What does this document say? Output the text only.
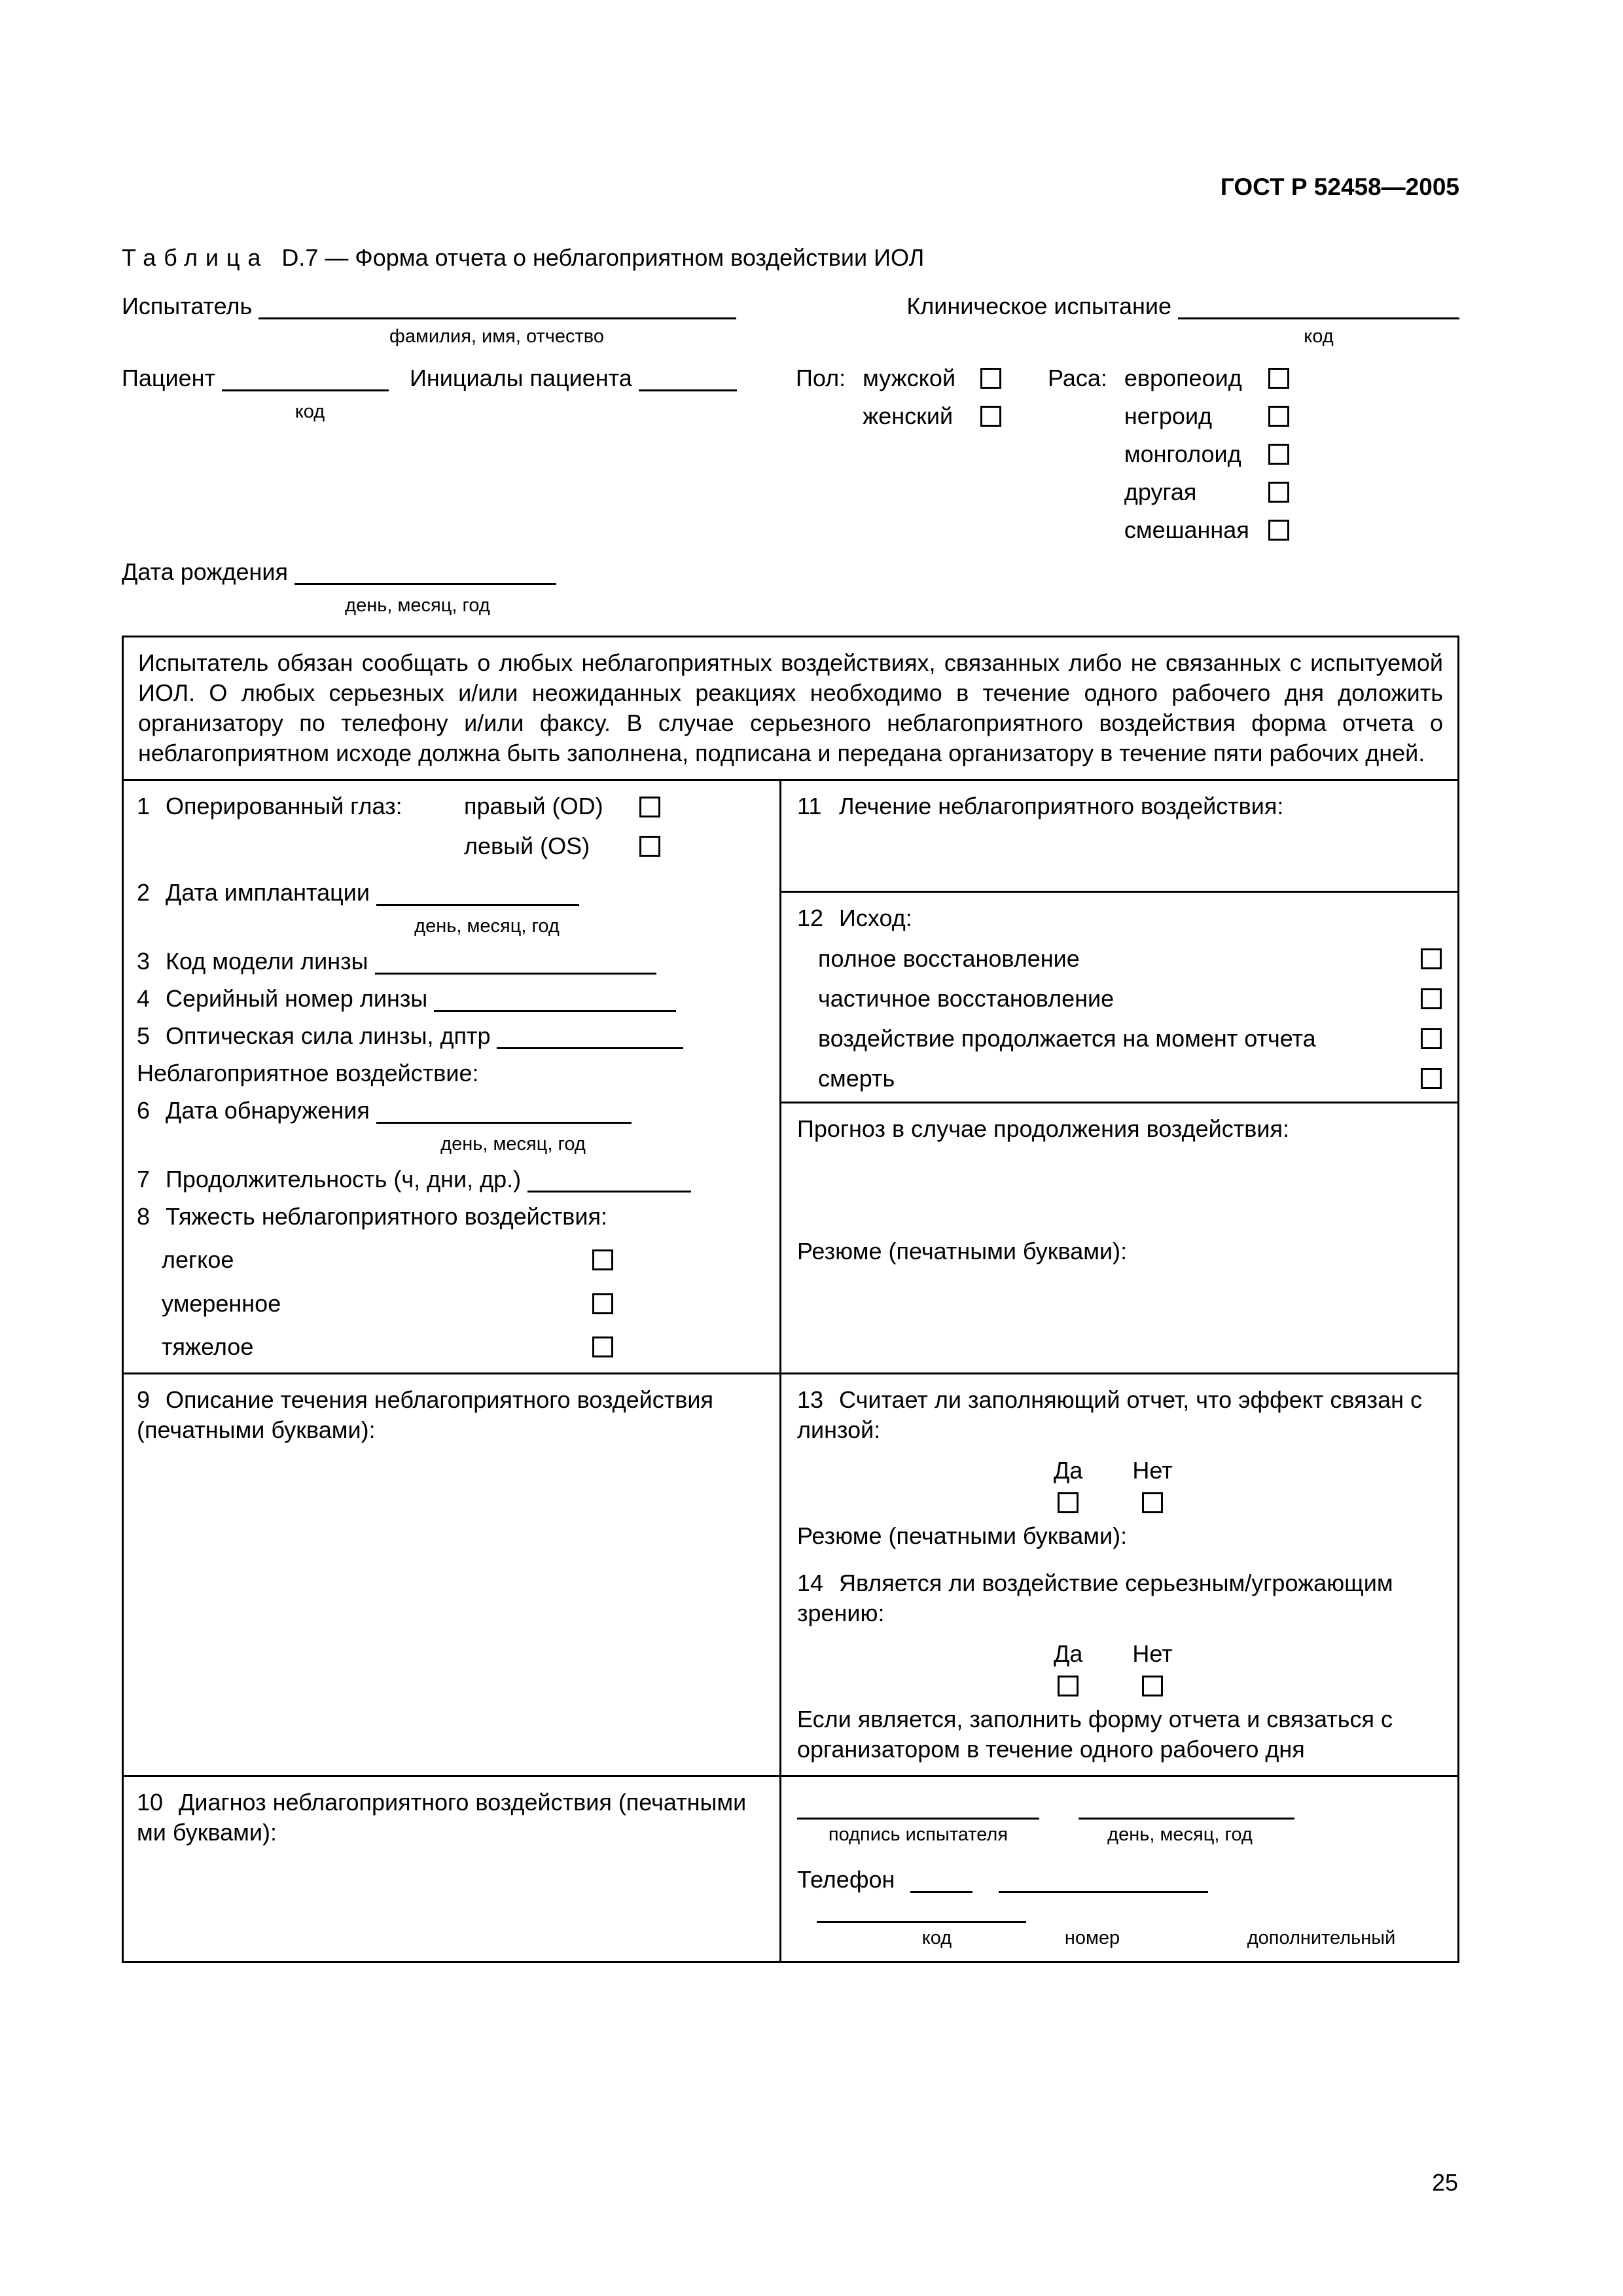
ГОСТ Р 52458—2005
Таблица D.7 — Форма отчета о неблагоприятном воздействии ИОЛ
Испытатель	Клиническое испытание
фамилия, имя, отчество	код
Пациент	Инициалы пациента
код
Пол: мужской
женский
Раса: европеоид
негроид
монголоид
другая
смешанная
Дата рождения
день, месяц, год
Испытатель обязан сообщать о любых неблагоприятных воздействиях, связанных либо не связанных с испытуемой ИОЛ. О любых серьезных и/или неожиданных реакциях необходимо в течение одного рабочего дня доложить организатору по телефону и/или факсу. В случае серьезного неблагоприятного воздействия форма отчета о неблагоприятном исходе должна быть заполнена, подписана и передана организатору в течение пяти рабочих дней.
1 Оперированный глаз:	правый (OD)
левый (OS)
2 Дата имплантации
день, месяц, год
3 Код модели линзы
4 Серийный номер линзы
5 Оптическая сила линзы, дптр
Неблагоприятное воздействие:
6 Дата обнаружения
день, месяц, год
7 Продолжительность (ч, дни, др.)
8 Тяжесть неблагоприятного воздействия:
легкое
умеренное
тяжелое
11 Лечение неблагоприятного воздействия:
12 Исход:
полное восстановление
частичное восстановление
воздействие продолжается на момент отчета
смерть
Прогноз в случае продолжения воздействия:
Резюме (печатными буквами):
9 Описание течения неблагоприятного воздействия (печатными буквами):
13 Считает ли заполняющий отчет, что эффект связан с линзой:
Да Нет
Резюме (печатными буквами):
14 Является ли воздействие серьезным/угрожающим зрению:
Да Нет
Если является, заполнить форму отчета и связаться с организатором в течение одного рабочего дня
10 Диагноз неблагоприятного воздействия (печатными ми буквами):
	подпись испытателя	день, месяц, год
Телефон
код	номер	дополнительный
25
